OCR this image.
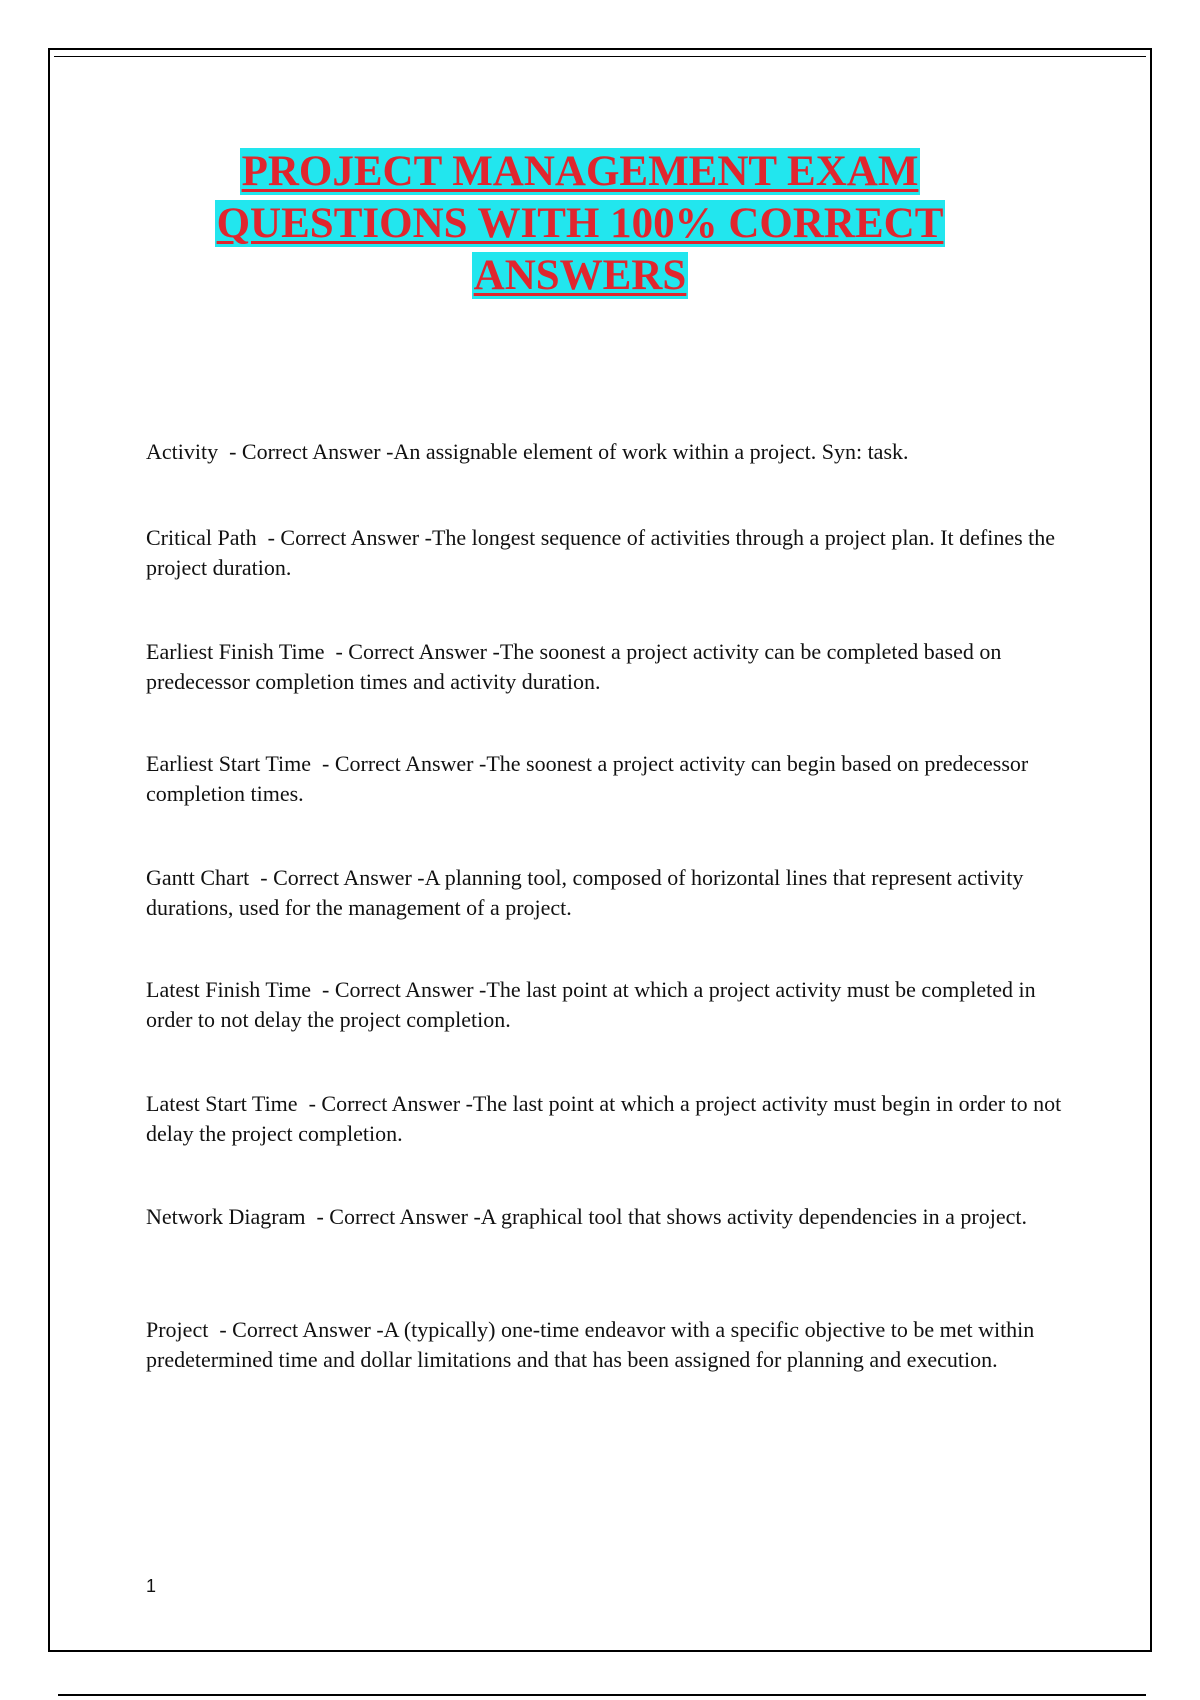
PROJECT MANAGEMENT EXAM
QUESTIONS WITH 100% CORRECT
ANSWERS

Activity  - Correct Answer -An assignable element of work within a project. Syn: task.

Critical Path  - Correct Answer -The longest sequence of activities through a project plan. It defines the project duration.

Earliest Finish Time  - Correct Answer -The soonest a project activity can be completed based on predecessor completion times and activity duration.

Earliest Start Time  - Correct Answer -The soonest a project activity can begin based on predecessor completion times.

Gantt Chart  - Correct Answer -A planning tool, composed of horizontal lines that represent activity durations, used for the management of a project.

Latest Finish Time  - Correct Answer -The last point at which a project activity must be completed in order to not delay the project completion.

Latest Start Time  - Correct Answer -The last point at which a project activity must begin in order to not delay the project completion.

Network Diagram  - Correct Answer -A graphical tool that shows activity dependencies in a project.

Project  - Correct Answer -A (typically) one-time endeavor with a specific objective to be met within predetermined time and dollar limitations and that has been assigned for planning and execution.

1
